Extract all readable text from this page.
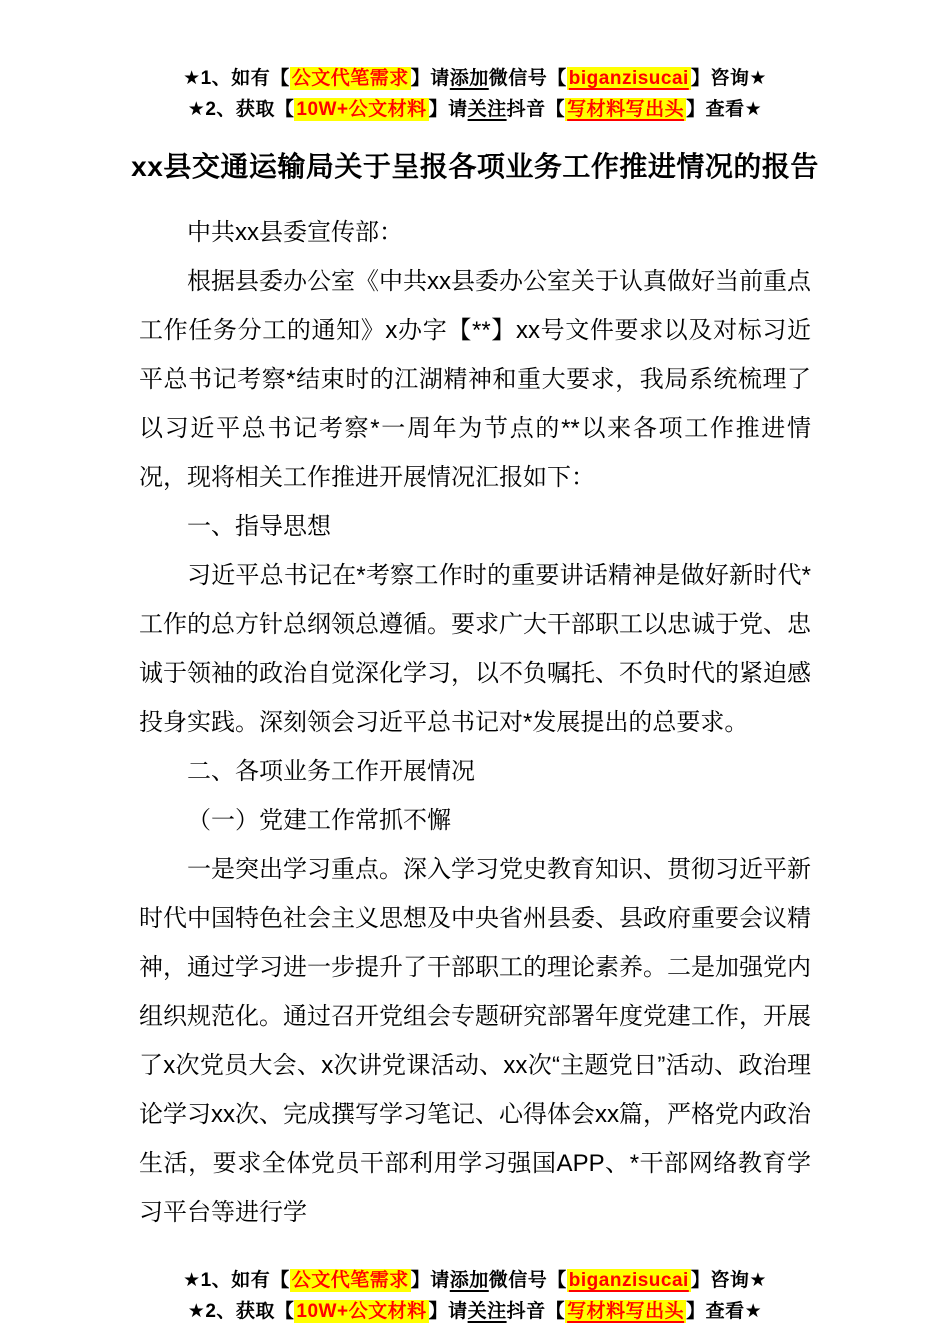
★1、如有【 公文代笔需求 】请添加微信号【 biganzisucai 】咨询★
★2、获取【 10W+公文材料 】请关注抖音【 写材料写出头 】查看★
xx县交通运输局关于呈报各项业务工作推进情况的报告

中共xx县委宣传部：

根据县委办公室《中共xx县委办公室关于认真做好当前重点工作任务分工的通知》x办字【**】xx号文件要求以及对标习近平总书记考察*结束时的江湖精神和重大要求，我局系统梳理了以习近平总书记考察*一周年为节点的**以来各项工作推进情况，现将相关工作推进开展情况汇报如下：

一、指导思想

习近平总书记在*考察工作时的重要讲话精神是做好新时代*工作的总方针总纲领总遵循。要求广大干部职工以忠诚于党、忠诚于领袖的政治自觉深化学习，以不负嘱托、不负时代的紧迫感投身实践。深刻领会习近平总书记对*发展提出的总要求。

二、各项业务工作开展情况

（一）党建工作常抓不懈

一是突出学习重点。深入学习党史教育知识、贯彻习近平新时代中国特色社会主义思想及中央省州县委、县政府重要会议精神，通过学习进一步提升了干部职工的理论素养。二是加强党内组织规范化。通过召开党组会专题研究部署年度党建工作，开展了x次党员大会、x次讲党课活动、xx次“主题党日”活动、政治理论学习xx次、完成撰写学习笔记、心得体会xx篇，严格党内政治生活，要求全体党员干部利用学习强国APP、*干部网络教育学习平台等进行学

★1、如有【 公文代笔需求 】请添加微信号【 biganzisucai 】咨询★
★2、获取【 10W+公文材料 】请关注抖音【 写材料写出头 】查看★
